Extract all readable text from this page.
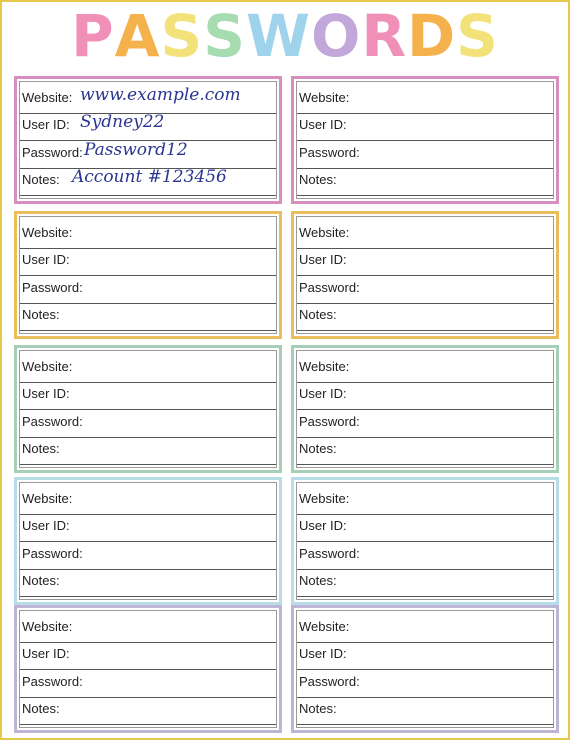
PASSWORDS
Website: www.example.com
User ID: Sydney22
Password: Password12
Notes: Account #123456
Website:
User ID:
Password:
Notes:
Website:
User ID:
Password:
Notes:
Website:
User ID:
Password:
Notes:
Website:
User ID:
Password:
Notes:
Website:
User ID:
Password:
Notes:
Website:
User ID:
Password:
Notes:
Website:
User ID:
Password:
Notes:
Website:
User ID:
Password:
Notes:
Website:
User ID:
Password:
Notes:
